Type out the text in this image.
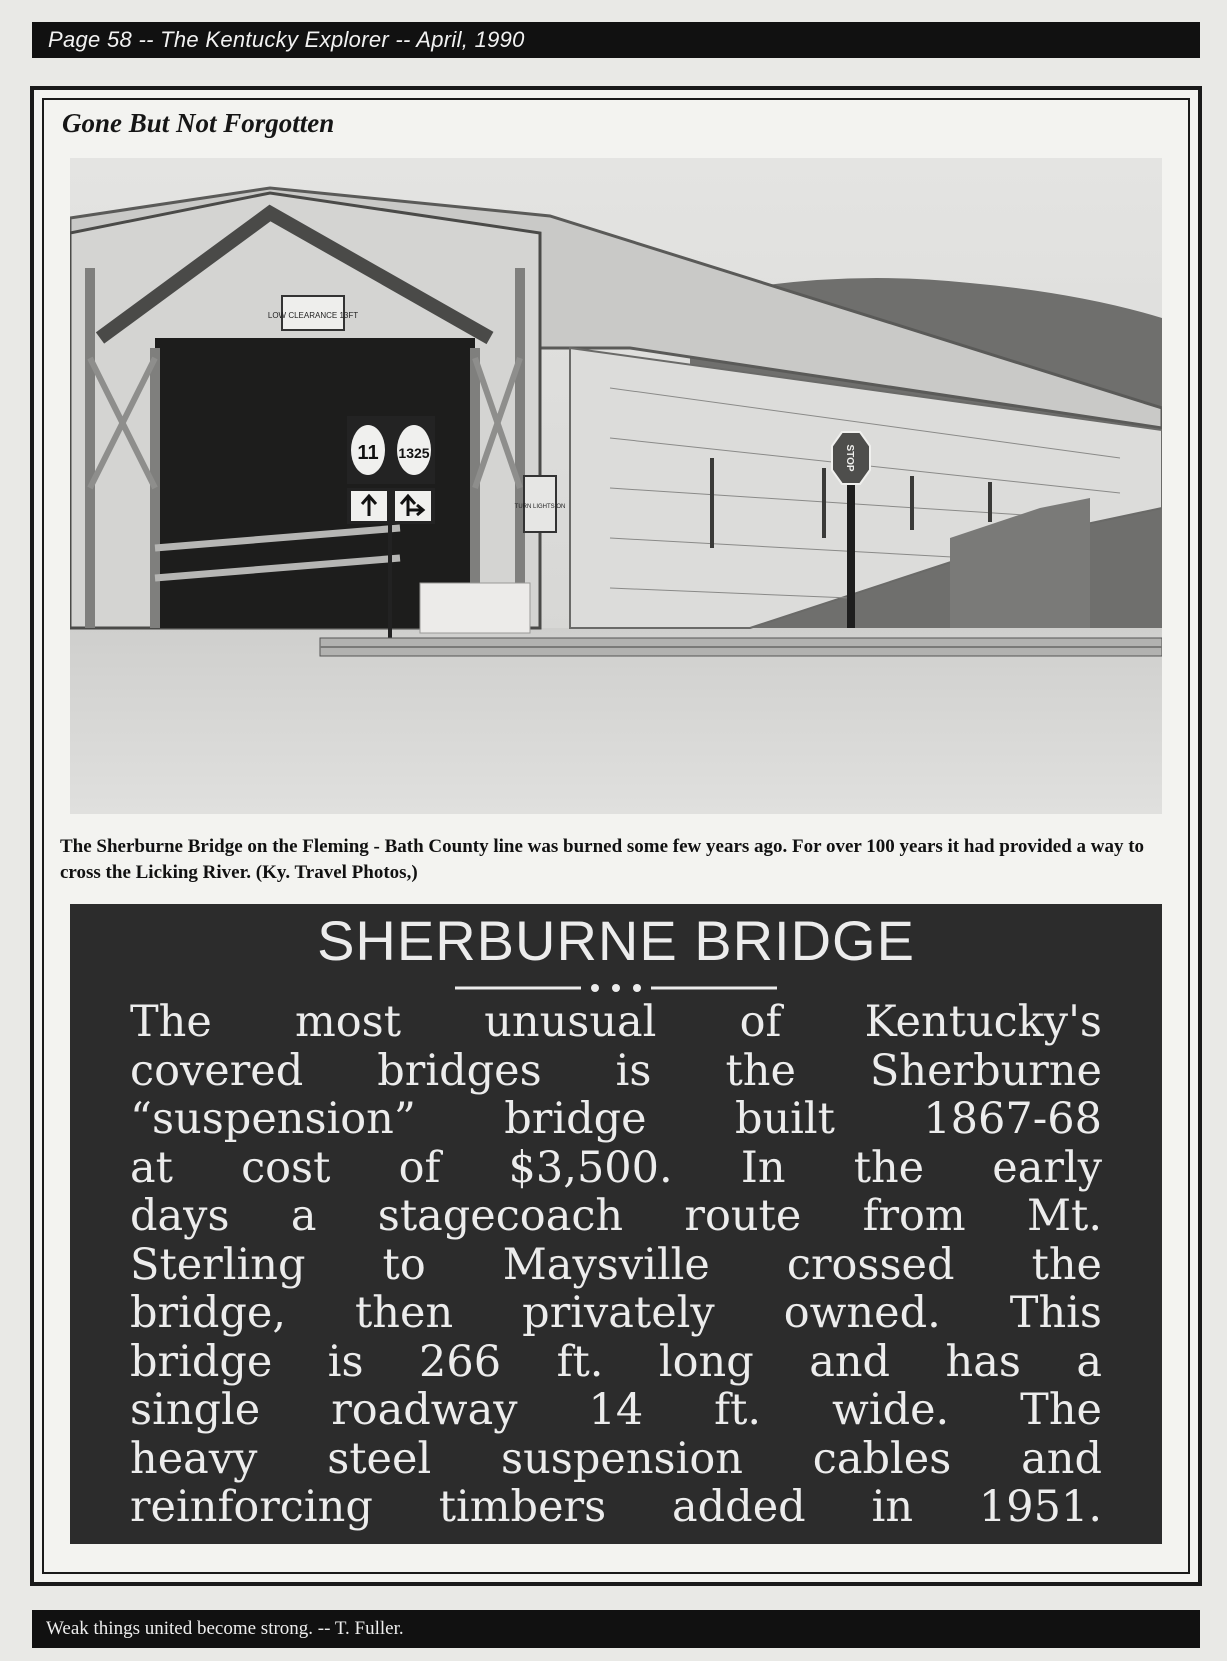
Page 58 -- The Kentucky Explorer -- April, 1990
Gone But Not Forgotten
LOW CLEARANCE 13FT
11 1325
TURN LIGHTS ON
STOP
The Sherburne Bridge on the Fleming - Bath County line was burned some few years ago. For over 100 years it had provided a way to cross the Licking River. (Ky. Travel Photos,)
SHERBURNE BRIDGE
The most unusual of Kentucky's
covered bridges is the Sherburne
“suspension” bridge built 1867-68
at cost of $3,500. In the early
days a stagecoach route from Mt.
Sterling to Maysville crossed the
bridge, then privately owned. This
bridge is 266 ft. long and has a
single roadway 14 ft. wide. The
heavy steel suspension cables and
reinforcing timbers added in 1951.
Weak things united become strong. -- T. Fuller.
